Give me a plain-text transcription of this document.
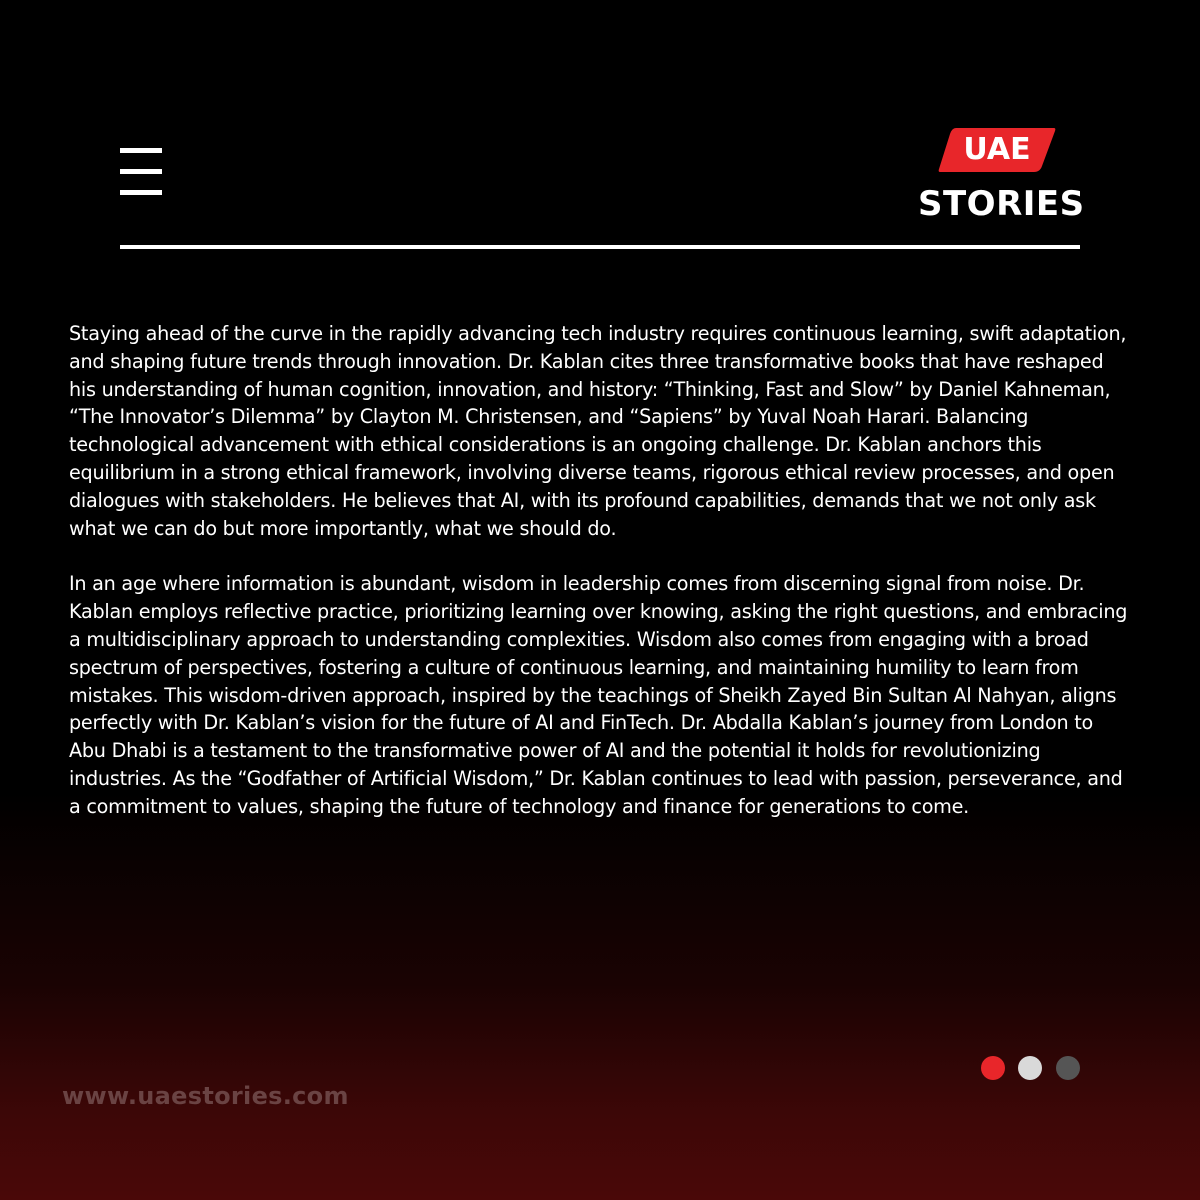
UAE
STORIES

Staying ahead of the curve in the rapidly advancing tech industry requires continuous learning, swift adaptation, and shaping future trends through innovation. Dr. Kablan cites three transformative books that have reshaped his understanding of human cognition, innovation, and history: “Thinking, Fast and Slow” by Daniel Kahneman, “The Innovator’s Dilemma” by Clayton M. Christensen, and “Sapiens” by Yuval Noah Harari. Balancing technological advancement with ethical considerations is an ongoing challenge. Dr. Kablan anchors this equilibrium in a strong ethical framework, involving diverse teams, rigorous ethical review processes, and open dialogues with stakeholders. He believes that AI, with its profound capabilities, demands that we not only ask what we can do but more importantly, what we should do.

In an age where information is abundant, wisdom in leadership comes from discerning signal from noise. Dr. Kablan employs reflective practice, prioritizing learning over knowing, asking the right questions, and embracing a multidisciplinary approach to understanding complexities. Wisdom also comes from engaging with a broad spectrum of perspectives, fostering a culture of continuous learning, and maintaining humility to learn from mistakes. This wisdom-driven approach, inspired by the teachings of Sheikh Zayed Bin Sultan Al Nahyan, aligns perfectly with Dr. Kablan’s vision for the future of AI and FinTech. Dr. Abdalla Kablan’s journey from London to Abu Dhabi is a testament to the transformative power of AI and the potential it holds for revolutionizing industries. As the “Godfather of Artificial Wisdom,” Dr. Kablan continues to lead with passion, perseverance, and a commitment to values, shaping the future of technology and finance for generations to come.

www.uaestories.com
